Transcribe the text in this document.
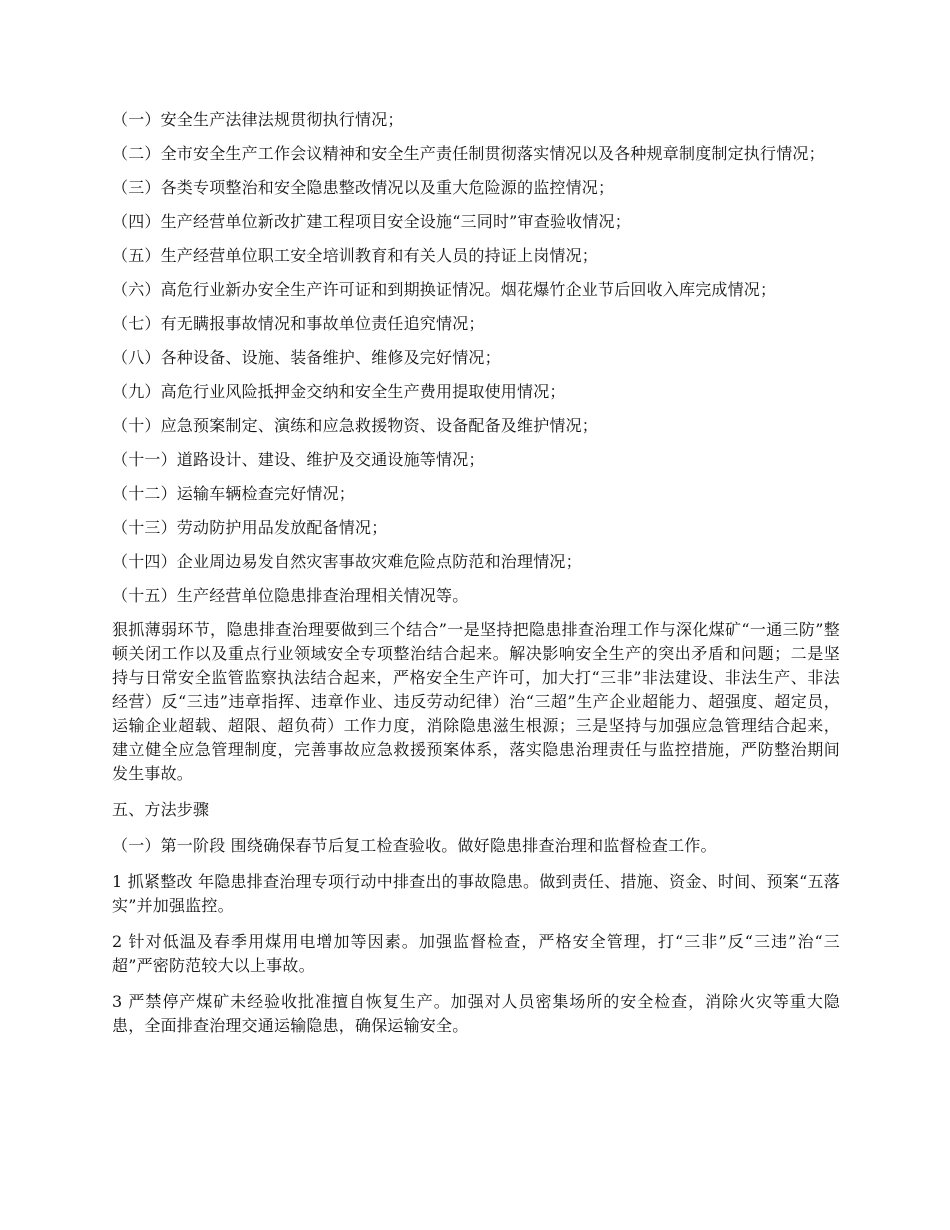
（一）安全生产法律法规贯彻执行情况；

（二）全市安全生产工作会议精神和安全生产责任制贯彻落实情况以及各种规章制度制定执行情况；

（三）各类专项整治和安全隐患整改情况以及重大危险源的监控情况；

（四）生产经营单位新改扩建工程项目安全设施“三同时”审查验收情况；

（五）生产经营单位职工安全培训教育和有关人员的持证上岗情况；

（六）高危行业新办安全生产许可证和到期换证情况。烟花爆竹企业节后回收入库完成情况；

（七）有无瞒报事故情况和事故单位责任追究情况；

（八）各种设备、设施、装备维护、维修及完好情况；

（九）高危行业风险抵押金交纳和安全生产费用提取使用情况；

（十）应急预案制定、演练和应急救援物资、设备配备及维护情况；

（十一）道路设计、建设、维护及交通设施等情况；

（十二）运输车辆检查完好情况；

（十三）劳动防护用品发放配备情况；

（十四）企业周边易发自然灾害事故灾难危险点防范和治理情况；

（十五）生产经营单位隐患排查治理相关情况等。

狠抓薄弱环节，隐患排查治理要做到三个结合”一是坚持把隐患排查治理工作与深化煤矿“一通三防”整顿关闭工作以及重点行业领域安全专项整治结合起来。解决影响安全生产的突出矛盾和问题；二是坚持与日常安全监管监察执法结合起来，严格安全生产许可，加大打“三非”非法建设、非法生产、非法经营）反“三违”违章指挥、违章作业、违反劳动纪律）治“三超”生产企业超能力、超强度、超定员，运输企业超载、超限、超负荷）工作力度，消除隐患滋生根源；三是坚持与加强应急管理结合起来，建立健全应急管理制度，完善事故应急救援预案体系，落实隐患治理责任与监控措施，严防整治期间发生事故。

五、方法步骤

（一）第一阶段 围绕确保春节后复工检查验收。做好隐患排查治理和监督检查工作。

1 抓紧整改 年隐患排查治理专项行动中排查出的事故隐患。做到责任、措施、资金、时间、预案“五落实”并加强监控。

2 针对低温及春季用煤用电增加等因素。加强监督检查，严格安全管理，打“三非”反“三违”治“三超”严密防范较大以上事故。

3 严禁停产煤矿未经验收批准擅自恢复生产。加强对人员密集场所的安全检查，消除火灾等重大隐患，全面排查治理交通运输隐患，确保运输安全。
